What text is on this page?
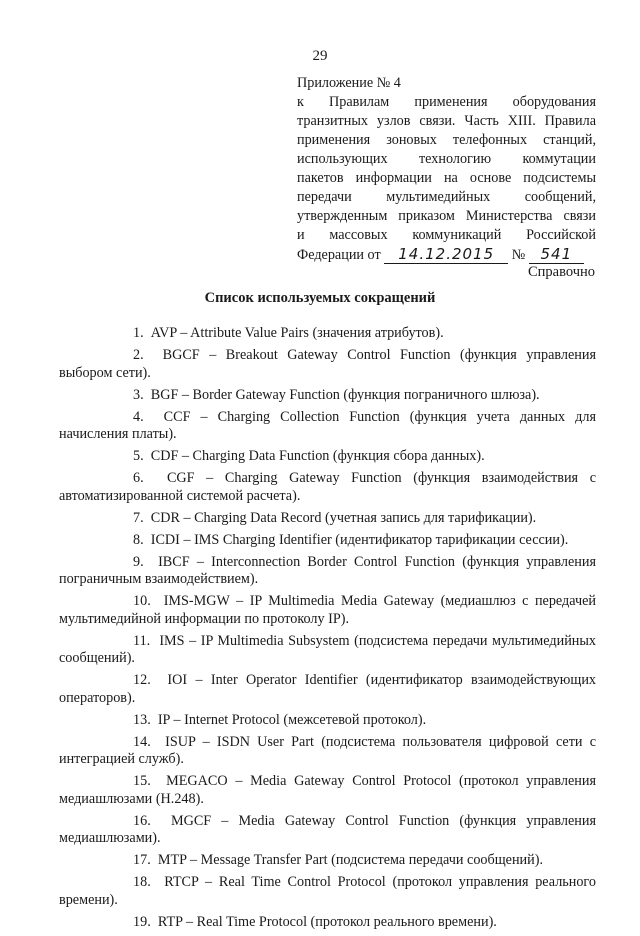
29
Приложение № 4
к Правилам применения оборудования
транзитных узлов связи. Часть XIII. Правила
применения зоновых телефонных станций,
использующих технологию коммутации
пакетов информации на основе подсистемы
передачи мультимедийных сообщений,
утвержденным приказом Министерства связи
и массовых коммуникаций Российской
Федерации от 14.12.2015 № 541
Справочно
Список используемых сокращений
1. AVP – Attribute Value Pairs (значения атрибутов).
2. BGCF – Breakout Gateway Control Function (функция управления выбором сети).
3. BGF – Border Gateway Function (функция пограничного шлюза).
4. CCF – Charging Collection Function (функция учета данных для начисления платы).
5. CDF – Charging Data Function (функция сбора данных).
6. CGF – Charging Gateway Function (функция взаимодействия с автоматизированной системой расчета).
7. CDR – Charging Data Record (учетная запись для тарификации).
8. ICDI – IMS Charging Identifier (идентификатор тарификации сессии).
9. IBCF – Interconnection Border Control Function (функция управления пограничным взаимодействием).
10. IMS-MGW – IP Multimedia Media Gateway (медиашлюз с передачей мультимедийной информации по протоколу IP).
11. IMS – IP Multimedia Subsystem (подсистема передачи мультимедийных сообщений).
12. IOI – Inter Operator Identifier (идентификатор взаимодействующих операторов).
13. IP – Internet Protocol (межсетевой протокол).
14. ISUP – ISDN User Part (подсистема пользователя цифровой сети с интеграцией служб).
15. MEGACO – Media Gateway Control Protocol (протокол управления медиашлюзами (H.248).
16. MGCF – Media Gateway Control Function (функция управления медиашлюзами).
17. MTP – Message Transfer Part (подсистема передачи сообщений).
18. RTCP – Real Time Control Protocol (протокол управления реального времени).
19. RTP – Real Time Protocol (протокол реального времени).
